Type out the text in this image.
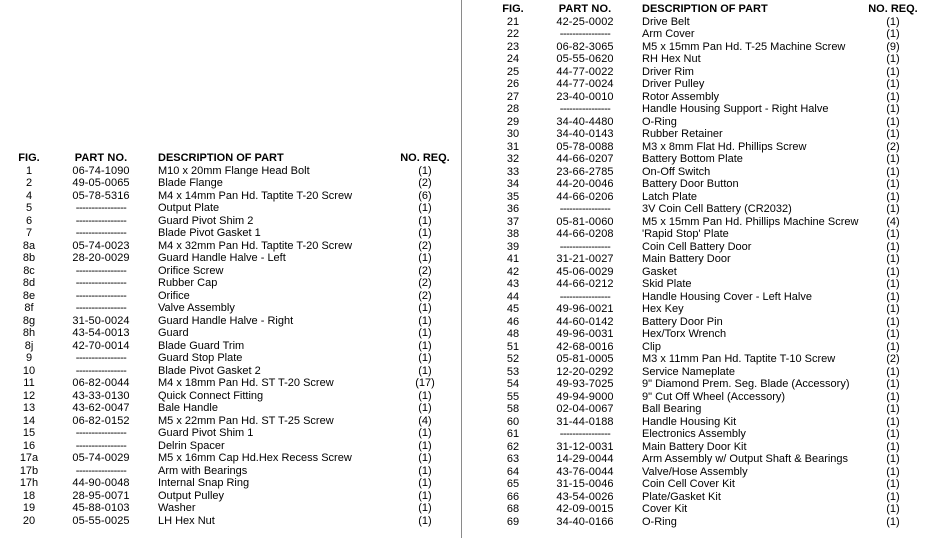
FIG.	PART NO.	DESCRIPTION OF PART	NO. REQ.
1	06-74-1090	M10 x 20mm Flange Head Bolt	(1)
2	49-05-0065	Blade Flange	(2)
4	05-78-5316	M4 x 14mm Pan Hd. Taptite T-20 Screw	(6)
5	----------------	Output Plate	(1)
6	----------------	Guard Pivot Shim 2	(1)
7	----------------	Blade Pivot Gasket 1	(1)
8a	05-74-0023	M4 x 32mm Pan Hd. Taptite T-20 Screw	(2)
8b	28-20-0029	Guard Handle Halve - Left	(1)
8c	----------------	Orifice Screw	(2)
8d	----------------	Rubber Cap	(2)
8e	----------------	Orifice	(2)
8f	----------------	Valve Assembly	(1)
8g	31-50-0024	Guard Handle Halve - Right	(1)
8h	43-54-0013	Guard	(1)
8j	42-70-0014	Blade Guard Trim	(1)
9	----------------	Guard Stop Plate	(1)
10	----------------	Blade Pivot Gasket 2	(1)
11	06-82-0044	M4 x 18mm Pan Hd. ST T-20 Screw	(17)
12	43-33-0130	Quick Connect Fitting	(1)
13	43-62-0047	Bale Handle	(1)
14	06-82-0152	M5 x 22mm Pan Hd. ST T-25 Screw	(4)
15	----------------	Guard Pivot Shim 1	(1)
16	----------------	Delrin Spacer	(1)
17a	05-74-0029	M5 x 16mm Cap Hd.Hex Recess Screw	(1)
17b	----------------	Arm with Bearings	(1)
17h	44-90-0048	Internal Snap Ring	(1)
18	28-95-0071	Output Pulley	(1)
19	45-88-0103	Washer	(1)
20	05-55-0025	LH Hex Nut	(1)
FIG.	PART NO.	DESCRIPTION OF PART	NO. REQ.
21	42-25-0002	Drive Belt	(1)
22	----------------	Arm Cover	(1)
23	06-82-3065	M5 x 15mm Pan Hd. T-25 Machine Screw	(9)
24	05-55-0620	RH Hex Nut	(1)
25	44-77-0022	Driver Rim	(1)
26	44-77-0024	Driver Pulley	(1)
27	23-40-0010	Rotor Assembly	(1)
28	----------------	Handle Housing Support - Right Halve	(1)
29	34-40-4480	O-Ring	(1)
30	34-40-0143	Rubber Retainer	(1)
31	05-78-0088	M3 x 8mm Flat Hd. Phillips Screw	(2)
32	44-66-0207	Battery Bottom Plate	(1)
33	23-66-2785	On-Off Switch	(1)
34	44-20-0046	Battery Door Button	(1)
35	44-66-0206	Latch Plate	(1)
36	----------------	3V Coin Cell Battery (CR2032)	(1)
37	05-81-0060	M5 x 15mm Pan Hd. Phillips Machine Screw	(4)
38	44-66-0208	'Rapid Stop' Plate	(1)
39	----------------	Coin Cell Battery Door	(1)
41	31-21-0027	Main Battery Door	(1)
42	45-06-0029	Gasket	(1)
43	44-66-0212	Skid Plate	(1)
44	----------------	Handle Housing Cover - Left Halve	(1)
45	49-96-0021	Hex Key	(1)
46	44-60-0142	Battery Door Pin	(1)
48	49-96-0031	Hex/Torx Wrench	(1)
51	42-68-0016	Clip	(1)
52	05-81-0005	M3 x 11mm Pan Hd. Taptite T-10 Screw	(2)
53	12-20-0292	Service Nameplate	(1)
54	49-93-7025	9" Diamond Prem. Seg. Blade (Accessory)	(1)
55	49-94-9000	9" Cut Off Wheel (Accessory)	(1)
58	02-04-0067	Ball Bearing	(1)
60	31-44-0188	Handle Housing Kit	(1)
61	----------------	Electronics Assembly	(1)
62	31-12-0031	Main Battery Door Kit	(1)
63	14-29-0044	Arm Assembly w/ Output Shaft & Bearings	(1)
64	43-76-0044	Valve/Hose Assembly	(1)
65	31-15-0046	Coin Cell Cover Kit	(1)
66	43-54-0026	Plate/Gasket Kit	(1)
68	42-09-0015	Cover Kit	(1)
69	34-40-0166	O-Ring	(1)
